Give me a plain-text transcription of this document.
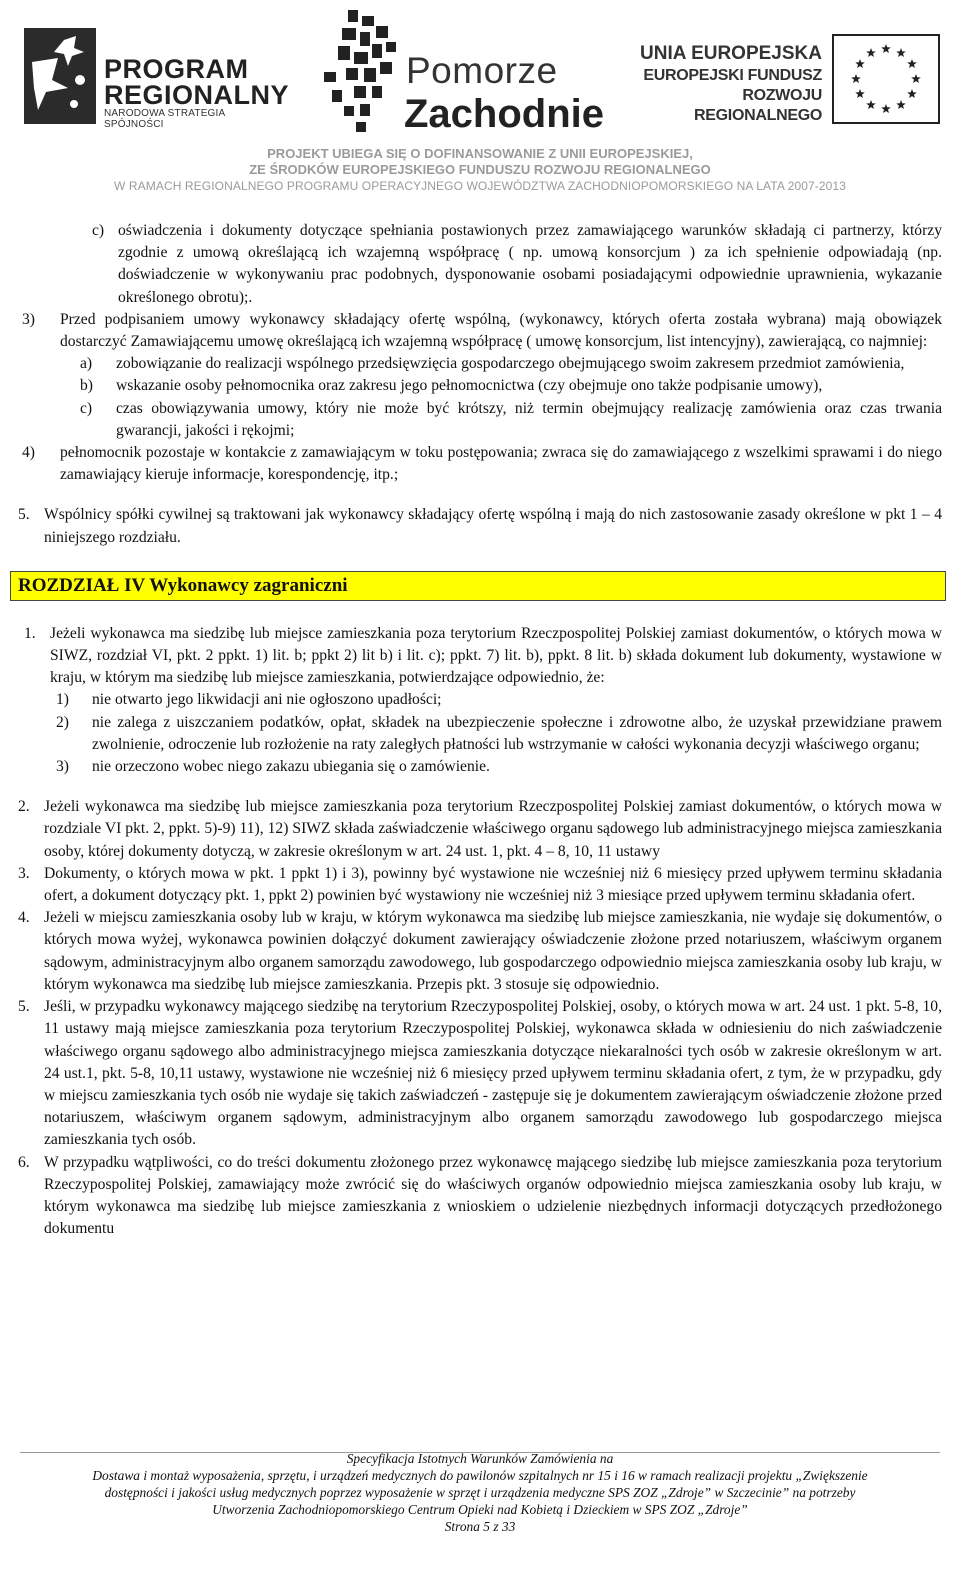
PROGRAM
REGIONALNY
NARODOWA STRATEGIA SPÓJNOŚCI
Pomorze
Zachodnie
UNIA EUROPEJSKA
EUROPEJSKI FUNDUSZ
ROZWOJU REGIONALNEGO
PROJEKT UBIEGA SIĘ O DOFINANSOWANIE Z UNII EUROPEJSKIEJ,
ZE ŚRODKÓW EUROPEJSKIEGO FUNDUSZU ROZWOJU REGIONALNEGO
W RAMACH REGIONALNEGO PROGRAMU OPERACYJNEGO WOJEWÓDZTWA ZACHODNIOPOMORSKIEGO NA LATA 2007-2013
c) oświadczenia i dokumenty dotyczące spełniania postawionych przez zamawiającego warunków składają ci partnerzy, którzy zgodnie z umową określającą ich wzajemną współpracę ( np. umową konsorcjum ) za ich spełnienie odpowiadają (np. doświadczenie w wykonywaniu prac podobnych, dysponowanie osobami posiadającymi odpowiednie uprawnienia, wykazanie określonego obrotu);.
3)	Przed podpisaniem umowy wykonawcy składający ofertę wspólną, (wykonawcy, których oferta została wybrana) mają obowiązek dostarczyć Zamawiającemu umowę określającą ich wzajemną współpracę ( umowę konsorcjum, list intencyjny), zawierającą, co najmniej:
a)	zobowiązanie do realizacji wspólnego przedsięwzięcia gospodarczego obejmującego swoim zakresem przedmiot zamówienia,
b)	wskazanie osoby pełnomocnika oraz zakresu jego pełnomocnictwa (czy obejmuje ono także podpisanie umowy),
c)	czas obowiązywania umowy, który nie może być krótszy, niż termin obejmujący realizację zamówienia oraz czas trwania gwarancji, jakości i rękojmi;
4)	pełnomocnik pozostaje w kontakcie z zamawiającym w toku postępowania; zwraca się do zamawiającego z wszelkimi sprawami i do niego zamawiający kieruje informacje, korespondencję, itp.;
5. Wspólnicy spółki cywilnej są traktowani jak wykonawcy składający ofertę wspólną i mają do nich zastosowanie zasady określone w pkt 1 – 4 niniejszego rozdziału.
ROZDZIAŁ IV Wykonawcy zagraniczni
1. Jeżeli wykonawca ma siedzibę lub miejsce zamieszkania poza terytorium Rzeczpospolitej Polskiej zamiast dokumentów, o których mowa w SIWZ, rozdział VI, pkt. 2 ppkt. 1) lit. b; ppkt 2) lit b) i lit. c); ppkt. 7) lit. b), ppkt. 8 lit. b) składa dokument lub dokumenty, wystawione w kraju, w którym ma siedzibę lub miejsce zamieszkania, potwierdzające odpowiednio, że:
1)	nie otwarto jego likwidacji ani nie ogłoszono upadłości;
2)	nie zalega z uiszczaniem podatków, opłat, składek na ubezpieczenie społeczne i zdrowotne albo, że uzyskał przewidziane prawem zwolnienie, odroczenie lub rozłożenie na raty zaległych płatności lub wstrzymanie w całości wykonania decyzji właściwego organu;
3)	nie orzeczono wobec niego zakazu ubiegania się o zamówienie.
2. Jeżeli wykonawca ma siedzibę lub miejsce zamieszkania poza terytorium Rzeczpospolitej Polskiej zamiast dokumentów, o których mowa w rozdziale VI pkt. 2, ppkt. 5)-9) 11), 12) SIWZ składa zaświadczenie właściwego organu sądowego lub administracyjnego miejsca zamieszkania osoby, której dokumenty dotyczą, w zakresie określonym w art. 24 ust. 1, pkt. 4 – 8, 10, 11 ustawy
3. Dokumenty, o których mowa w pkt. 1 ppkt 1) i 3), powinny być wystawione nie wcześniej niż 6 miesięcy przed upływem terminu składania ofert, a dokument dotyczący pkt. 1, ppkt 2) powinien być wystawiony nie wcześniej niż 3 miesiące przed upływem terminu składania ofert.
4. Jeżeli w miejscu zamieszkania osoby lub w kraju, w którym wykonawca ma siedzibę lub miejsce zamieszkania, nie wydaje się dokumentów, o których mowa wyżej, wykonawca powinien dołączyć dokument zawierający oświadczenie złożone przed notariuszem, właściwym organem sądowym, administracyjnym albo organem samorządu zawodowego, lub gospodarczego odpowiednio miejsca zamieszkania osoby lub kraju, w którym wykonawca ma siedzibę lub miejsce zamieszkania. Przepis pkt. 3 stosuje się odpowiednio.
5. Jeśli, w przypadku wykonawcy mającego siedzibę na terytorium Rzeczypospolitej Polskiej, osoby, o których mowa w art. 24 ust. 1 pkt. 5-8, 10, 11 ustawy mają miejsce zamieszkania poza terytorium Rzeczypospolitej Polskiej, wykonawca składa w odniesieniu do nich zaświadczenie właściwego organu sądowego albo administracyjnego miejsca zamieszkania dotyczące niekaralności tych osób w zakresie określonym w art. 24 ust.1, pkt. 5-8, 10,11 ustawy, wystawione nie wcześniej niż 6 miesięcy przed upływem terminu składania ofert, z tym, że w przypadku, gdy w miejscu zamieszkania tych osób nie wydaje się takich zaświadczeń - zastępuje się je dokumentem zawierającym oświadczenie złożone przed notariuszem, właściwym organem sądowym, administracyjnym albo organem samorządu zawodowego lub gospodarczego miejsca zamieszkania tych osób.
6. W przypadku wątpliwości, co do treści dokumentu złożonego przez wykonawcę mającego siedzibę lub miejsce zamieszkania poza terytorium Rzeczypospolitej Polskiej, zamawiający może zwrócić się do właściwych organów odpowiednio miejsca zamieszkania osoby lub kraju, w którym wykonawca ma siedzibę lub miejsce zamieszkania z wnioskiem o udzielenie niezbędnych informacji dotyczących przedłożonego dokumentu
Specyfikacja Istotnych Warunków Zamówienia na
Dostawa i montaż wyposażenia, sprzętu, i urządzeń medycznych do pawilonów szpitalnych nr 15 i 16 w ramach realizacji projektu „Zwiększenie
dostępności i jakości usług medycznych poprzez wyposażenie w sprzęt i urządzenia medyczne SPS ZOZ „Zdroje” w Szczecinie” na potrzeby
Utworzenia Zachodniopomorskiego Centrum Opieki nad Kobietą i Dzieckiem w SPS ZOZ „Zdroje”
Strona 5 z 33
